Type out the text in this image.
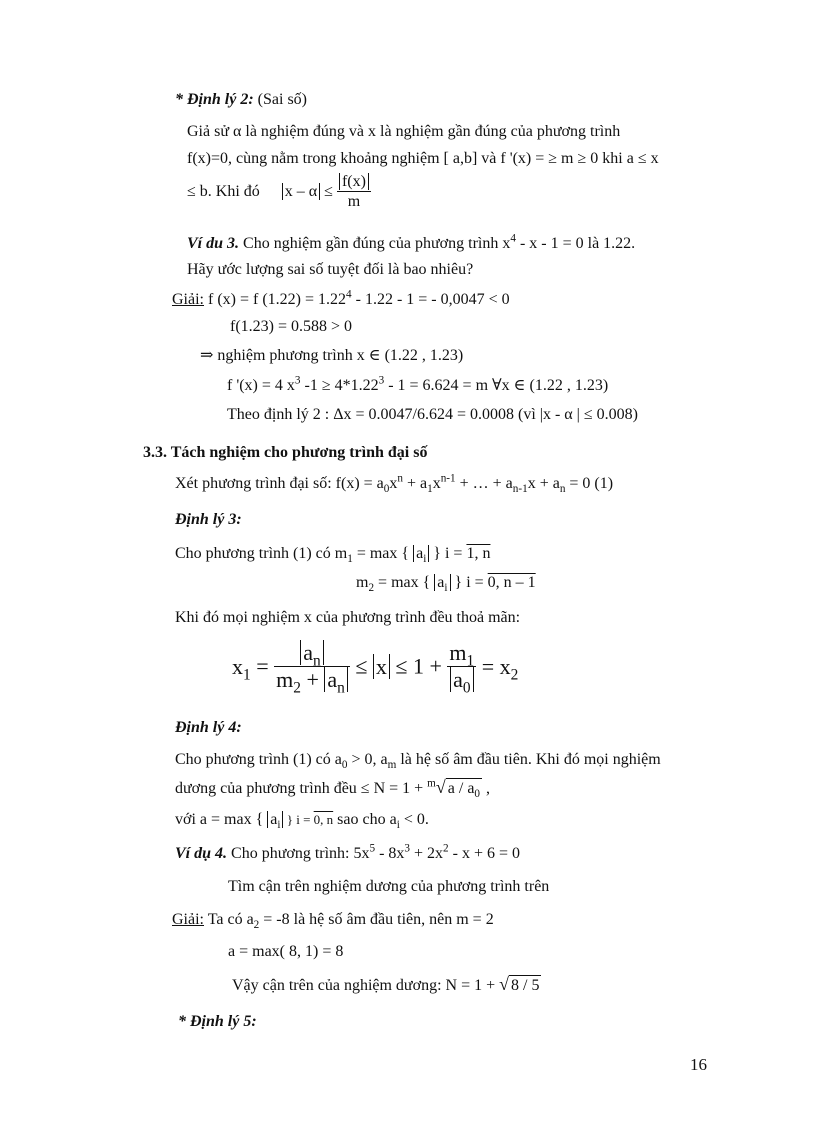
* Định lý 2: (Sai số)
Giả sử α là nghiệm đúng và x là nghiệm gần đúng của phương trình
f(x)=0, cùng nằm trong khoảng nghiệm [ a,b] và f '(x) = ≥ m ≥ 0 khi a ≤ x
≤ b. Khi đó $x - \alpha \le \frac{f(x)}{m}$
Ví du 3. Cho nghiệm gần đúng của phương trình $x^4 - x - 1 = 0$ là 1.22.
Hãy ước lượng sai số tuyệt đối là bao nhiêu?
Giải: f (x) = f $(1.22) = 1.22^4 - 1.22 - 1$ = - 0,0047 < 0
f(1.23) = 0.588 > 0
⇒ nghiệm phương trình x ∈ (1.22 , 1.23)
f '(x) = 4 $x^3$ $-1 \ge 4*1.22^3 - 1 = 6.624 = m$ ∀x ∈ (1.22 , 1.23)
Theo định lý 2 : Δx = 0.0047/6.624 = 0.0008 (vì |x - α | ≤ 0.008)
3.3. Tách nghiệm cho phương trình đại số
Xét phương trình đại số: $f(x) = a_0x^n + a_1x^{n-1}$ + … + $a_{n-1}x + a_n = 0$ (1)
Định lý 3:
Cho phương trình (1) có $m_1 = \max$ { $a_i$ } i = 1, n
$m_2 = \max$ { $a_i$ } i = 0, n – 1
Khi đó mọi nghiệm x của phương trình đều thoả mãn:
$x_1 = \frac{a_n}{m_2 + a_n} \le x \le 1 + \frac{m_1}{a_0} = x_2$
Định lý 4:
Cho phương trình (1) có $a_0 > 0$, $a_m$ là hệ số âm đầu tiên. Khi đó mọi nghiệm
dương của phương trình đều ≤ N = 1 + $^m$√ a / $a_0$ ,
với a = max { $a_i$ } i = 0, n sao cho $a_i < 0$.
Ví dụ 4. Cho phương trình: $5x^5 - 8x^3 + 2x^2 - x + 6 = 0$
Tìm cận trên nghiệm dương của phương trình trên
Giải: Ta có $a_2 = -8$ là hệ số âm đầu tiên, nên m = 2
a = max( 8, 1) = 8
Vậy cận trên của nghiệm dương: N = 1 + √ 8 / 5
* Định lý 5:
16
